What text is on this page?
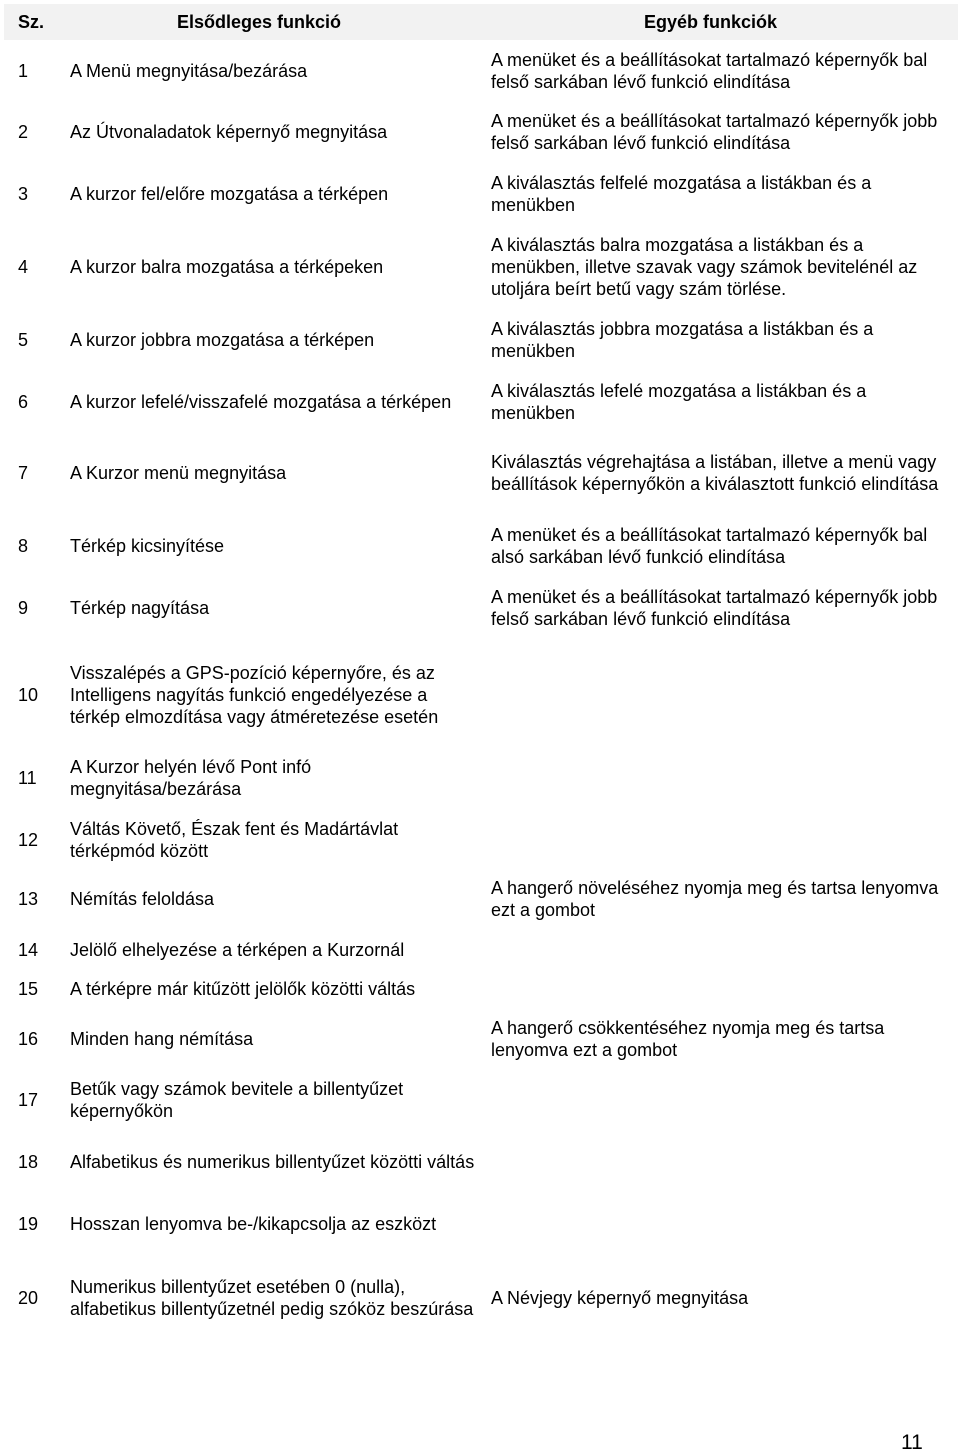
Sz.	Elsődleges funkció	Egyéb funkciók
1 A Menü megnyitása/bezárása
A menüket és a beállításokat tartalmazó képernyők bal felső sarkában lévő funkció elindítása
2 Az Útvonaladatok képernyő megnyitása
A menüket és a beállításokat tartalmazó képernyők jobb felső sarkában lévő funkció elindítása
3 A kurzor fel/előre mozgatása a térképen
A kiválasztás felfelé mozgatása a listákban és a menükben
4 A kurzor balra mozgatása a térképeken
A kiválasztás balra mozgatása a listákban és a menükben, illetve szavak vagy számok bevitelénél az utoljára beírt betű vagy szám törlése.
5 A kurzor jobbra mozgatása a térképen
A kiválasztás jobbra mozgatása a listákban és a menükben
6 A kurzor lefelé/visszafelé mozgatása a térképen
A kiválasztás lefelé mozgatása a listákban és a menükben
7 A Kurzor menü megnyitása
Kiválasztás végrehajtása a listában, illetve a menü vagy beállítások képernyőkön a kiválasztott funkció elindítása
8 Térkép kicsinyítése
A menüket és a beállításokat tartalmazó képernyők bal alsó sarkában lévő funkció elindítása
9 Térkép nagyítása
A menüket és a beállításokat tartalmazó képernyők jobb felső sarkában lévő funkció elindítása
10
Visszalépés a GPS-pozíció képernyőre, és az Intelligens nagyítás funkció engedélyezése a térkép elmozdítása vagy átméretezése esetén
11
A Kurzor helyén lévő Pont infó megnyitása/bezárása
12
Váltás Követő, Észak fent és Madártávlat térképmód között
13 Némítás feloldása
A hangerő növeléséhez nyomja meg és tartsa lenyomva ezt a gombot
14 Jelölő elhelyezése a térképen a Kurzornál
15 A térképre már kitűzött jelölők közötti váltás
16 Minden hang némítása
A hangerő csökkentéséhez nyomja meg és tartsa lenyomva ezt a gombot
17
Betűk vagy számok bevitele a billentyűzet képernyőkön
18 Alfabetikus és numerikus billentyűzet közötti váltás
19 Hosszan lenyomva be-/kikapcsolja az eszközt
20
Numerikus billentyűzet esetében 0 (nulla), alfabetikus billentyűzetnél pedig szóköz beszúrása
A Névjegy képernyő megnyitása
11
